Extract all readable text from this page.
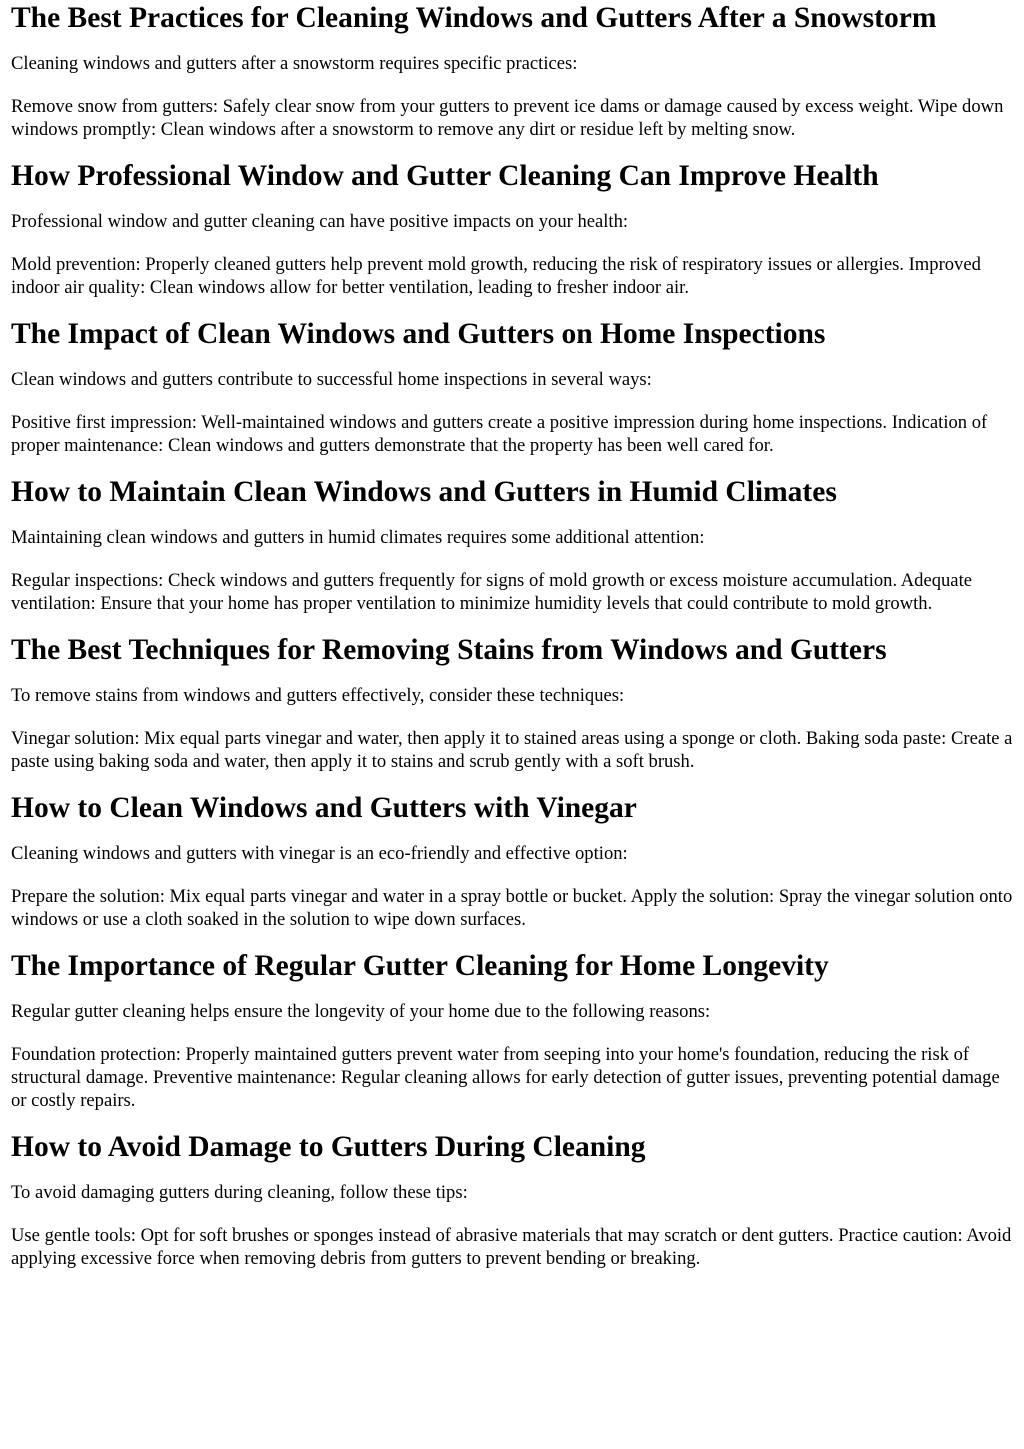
The Best Practices for Cleaning Windows and Gutters After a Snowstorm

Cleaning windows and gutters after a snowstorm requires specific practices:

Remove snow from gutters: Safely clear snow from your gutters to prevent ice dams or damage caused by excess weight. Wipe down windows promptly: Clean windows after a snowstorm to remove any dirt or residue left by melting snow.

How Professional Window and Gutter Cleaning Can Improve Health

Professional window and gutter cleaning can have positive impacts on your health:

Mold prevention: Properly cleaned gutters help prevent mold growth, reducing the risk of respiratory issues or allergies. Improved indoor air quality: Clean windows allow for better ventilation, leading to fresher indoor air.

The Impact of Clean Windows and Gutters on Home Inspections

Clean windows and gutters contribute to successful home inspections in several ways:

Positive first impression: Well-maintained windows and gutters create a positive impression during home inspections. Indication of proper maintenance: Clean windows and gutters demonstrate that the property has been well cared for.

How to Maintain Clean Windows and Gutters in Humid Climates

Maintaining clean windows and gutters in humid climates requires some additional attention:

Regular inspections: Check windows and gutters frequently for signs of mold growth or excess moisture accumulation. Adequate ventilation: Ensure that your home has proper ventilation to minimize humidity levels that could contribute to mold growth.

The Best Techniques for Removing Stains from Windows and Gutters

To remove stains from windows and gutters effectively, consider these techniques:

Vinegar solution: Mix equal parts vinegar and water, then apply it to stained areas using a sponge or cloth. Baking soda paste: Create a paste using baking soda and water, then apply it to stains and scrub gently with a soft brush.

How to Clean Windows and Gutters with Vinegar

Cleaning windows and gutters with vinegar is an eco-friendly and effective option:

Prepare the solution: Mix equal parts vinegar and water in a spray bottle or bucket. Apply the solution: Spray the vinegar solution onto windows or use a cloth soaked in the solution to wipe down surfaces.

The Importance of Regular Gutter Cleaning for Home Longevity

Regular gutter cleaning helps ensure the longevity of your home due to the following reasons:

Foundation protection: Properly maintained gutters prevent water from seeping into your home's foundation, reducing the risk of structural damage. Preventive maintenance: Regular cleaning allows for early detection of gutter issues, preventing potential damage or costly repairs.

How to Avoid Damage to Gutters During Cleaning

To avoid damaging gutters during cleaning, follow these tips:

Use gentle tools: Opt for soft brushes or sponges instead of abrasive materials that may scratch or dent gutters. Practice caution: Avoid applying excessive force when removing debris from gutters to prevent bending or breaking.
